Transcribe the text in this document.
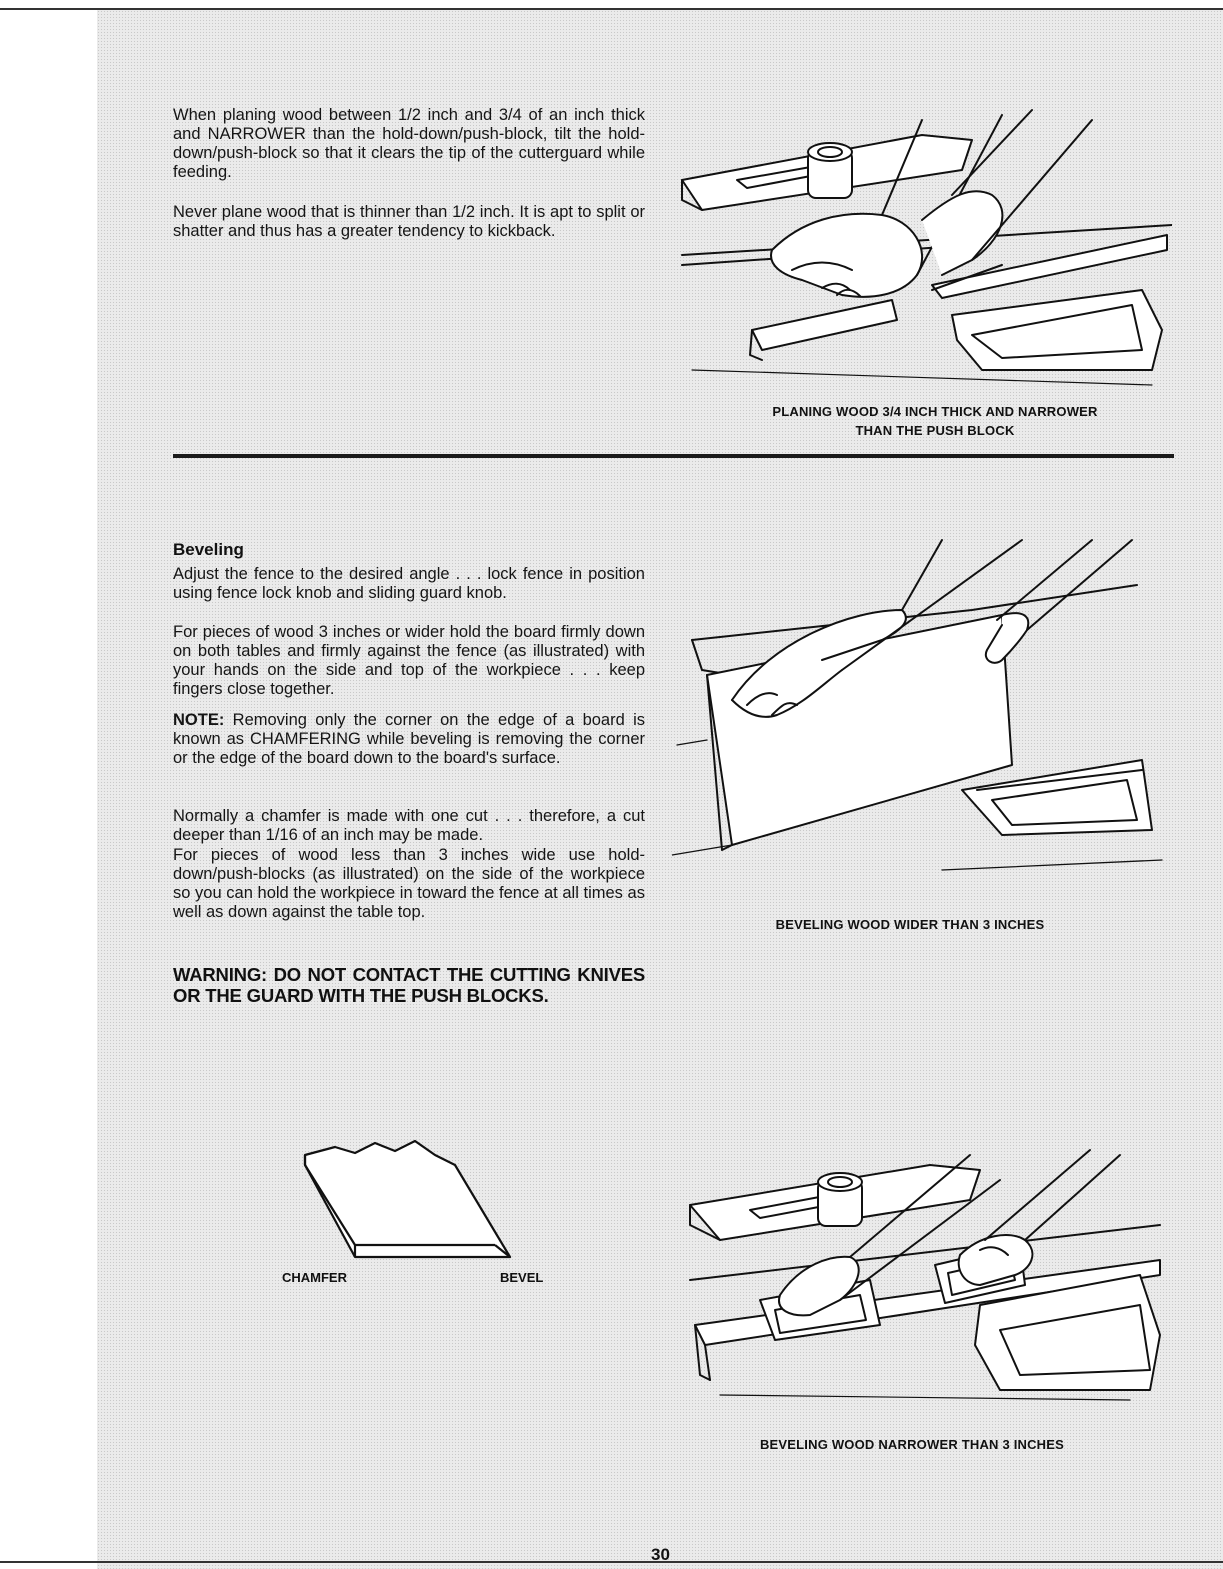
When planing wood between 1/2 inch and 3/4 of an inch thick and NARROWER than the hold-down/push-block, tilt the hold-down/push-block so that it clears the tip of the cutterguard while feeding.

Never plane wood that is thinner than 1/2 inch. It is apt to split or shatter and thus has a greater tendency to kickback.

PLANING WOOD 3/4 INCH THICK AND NARROWER
THAN THE PUSH BLOCK
Beveling

Adjust the fence to the desired angle . . . lock fence in position using fence lock knob and sliding guard knob.

For pieces of wood 3 inches or wider hold the board firmly down on both tables and firmly against the fence (as illustrated) with your hands on the side and top of the workpiece . . . keep fingers close together.

NOTE: Removing only the corner on the edge of a board is known as CHAMFERING while beveling is removing the corner or the edge of the board down to the board's surface.

Normally a chamfer is made with one cut . . . therefore, a cut deeper than 1/16 of an inch may be made.

For pieces of wood less than 3 inches wide use hold-down/push-blocks (as illustrated) on the side of the workpiece so you can hold the workpiece in toward the fence at all times as well as down against the table top.

WARNING: DO NOT CONTACT THE CUTTING KNIVES OR THE GUARD WITH THE PUSH BLOCKS.

BEVELING WOOD WIDER THAN 3 INCHES
CHAMFER	BEVEL
BEVELING WOOD NARROWER THAN 3 INCHES
30
